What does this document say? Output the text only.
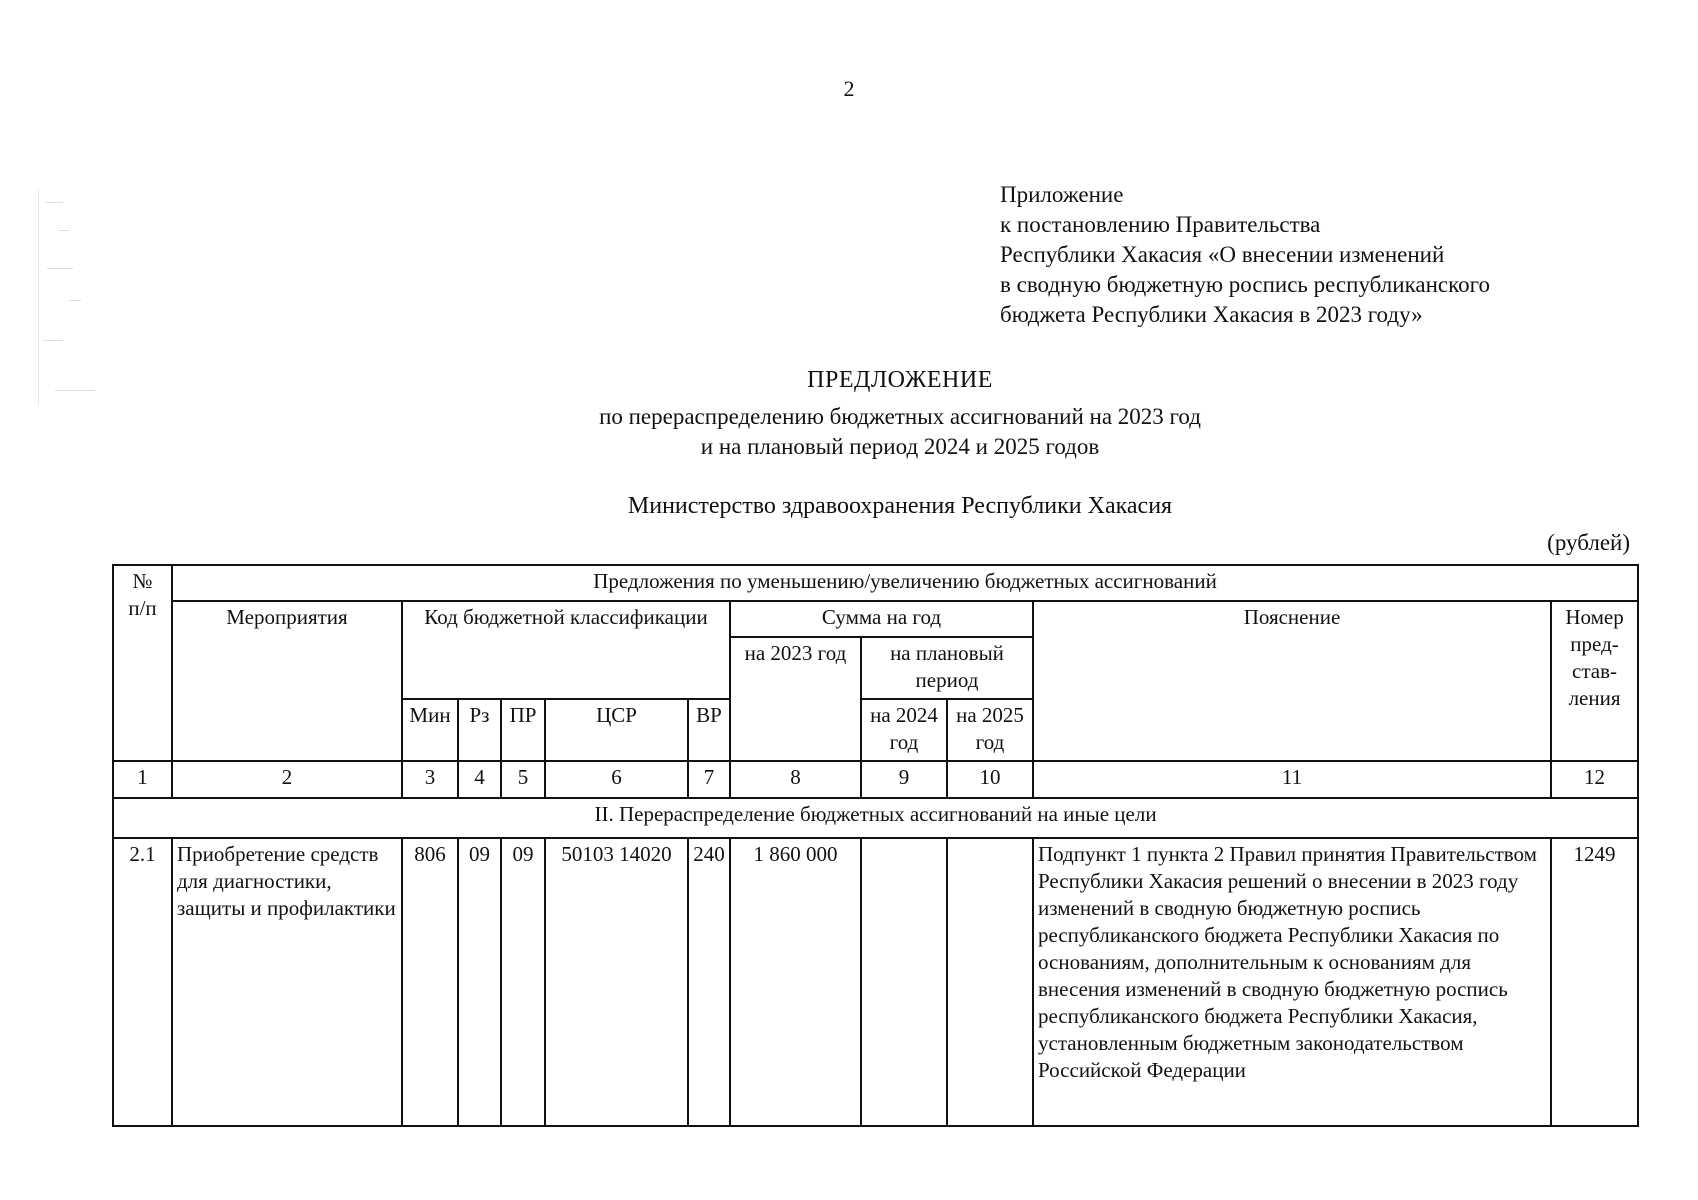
2
Приложение
к постановлению Правительства
Республики Хакасия «О внесении изменений
в сводную бюджетную роспись республиканского
бюджета Республики Хакасия в 2023 году»
ПРЕДЛОЖЕНИЕ
по перераспределению бюджетных ассигнований на 2023 год
и на плановый период 2024 и 2025 годов
Министерство здравоохранения Республики Хакасия
(рублей)
№
п/п	Предложения по уменьшению/увеличению бюджетных ассигнований										
	Мероприятия	Код бюджетной классификации					Сумма на год			Пояснение	Номер пред-став-ления
							на 2023 год	на плановый период			
		Мин	Рз	ПР	ЦСР	ВР		на 2024 год	на 2025 год		
1	2	3	4	5	6	7	8	9	10	11	12
II. Перераспределение бюджетных ассигнований на иные цели											
2.1	Приобретение средств для диагностики, защиты и профилактики	806	09	09	50103 14020	240	1 860 000			Подпункт 1 пункта 2 Правил принятия Правительством Республики Хакасия решений о внесении в 2023 году изменений в сводную бюджетную роспись республиканского бюджета Республики Хакасия по основаниям, дополнительным к основаниям для внесения изменений в сводную бюджетную роспись республиканского бюджета Республики Хакасия, установленным бюджетным законодательством Российской Федерации	1249
